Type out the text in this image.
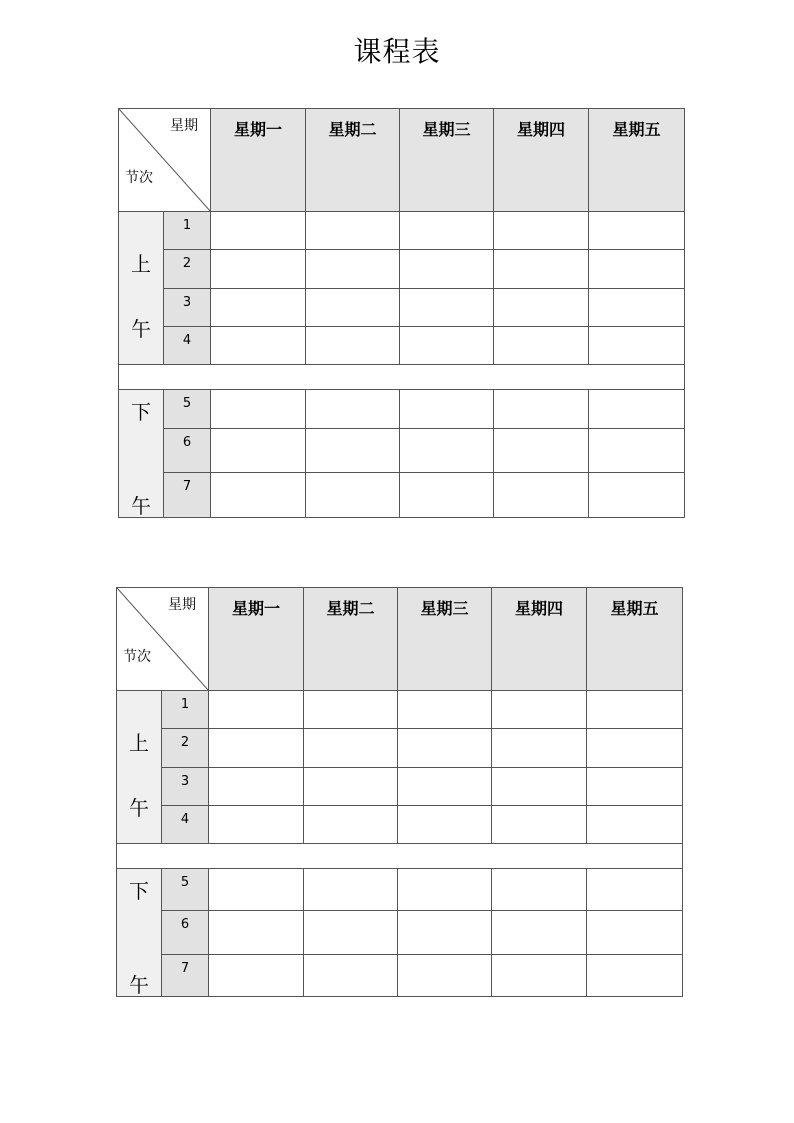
课程表
星期
节次		星期一	星期二	星期三	星期四	星期五

上
午	1					
	2					
	3					
	4					

下
午	5					
	6					
	7					
星期
节次		星期一	星期二	星期三	星期四	星期五

上
午	1					
	2					
	3					
	4					

下
午	5					
	6					
	7					
